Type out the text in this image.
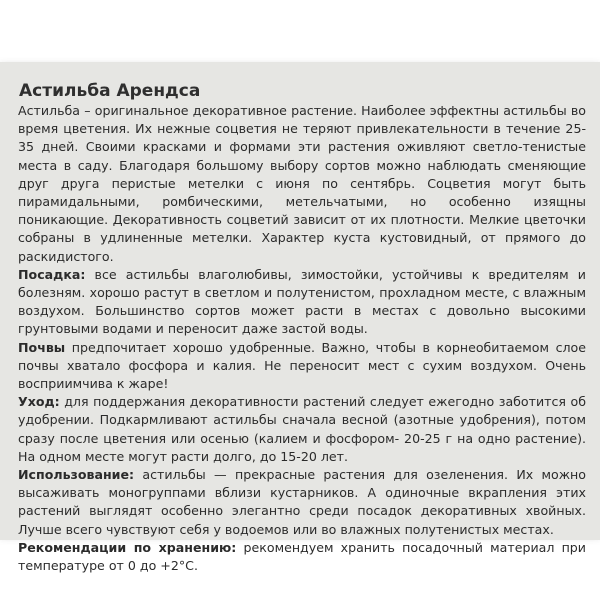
Астильба Арендса

Астильба – оригинальное декоративное растение. Наиболее эффектны астильбы во время цветения. Их нежные соцветия не теряют привлекательности в течение 25-35 дней. Своими красками и формами эти растения оживляют светло-тенистые места в саду. Благодаря большому выбору сортов можно наблюдать сменяющие друг друга перистые метелки с июня по сентябрь. Соцветия могут быть пирамидальными, ромбическими, метельчатыми, но особенно изящны поникающие. Декоративность соцветий зависит от их плотности. Мелкие цветочки собраны в удлиненные метелки. Характер куста кустовидный, от прямого до раскидистого.

Посадка: все астильбы влаголюбивы, зимостойки, устойчивы к вредителям и болезням. хорошо растут в светлом и полутенистом, прохладном месте, с влажным воздухом. Большинство сортов может расти в местах с довольно высокими грунтовыми водами и переносит даже застой воды.

Почвы предпочитает хорошо удобренные. Важно, чтобы в корнеобитаемом слое почвы хватало фосфора и калия. Не переносит мест с сухим воздухом. Очень восприимчива к жаре!

Уход: для поддержания декоративности растений следует ежегодно заботится об удобрении. Подкармливают астильбы сначала весной (азотные удобрения), потом сразу после цветения или осенью (калием и фосфором- 20-25 г на одно растение). На одном месте могут расти долго, до 15-20 лет.

Использование: астильбы — прекрасные растения для озеленения. Их можно высаживать моногруппами вблизи кустарников. А одиночные вкрапления этих растений выглядят особенно элегантно среди посадок декоративных хвойных. Лучше всего чувствуют себя у водоемов или во влажных полутенистых местах.

Рекомендации по хранению: рекомендуем хранить посадочный материал при температуре от 0 до +2°С.
